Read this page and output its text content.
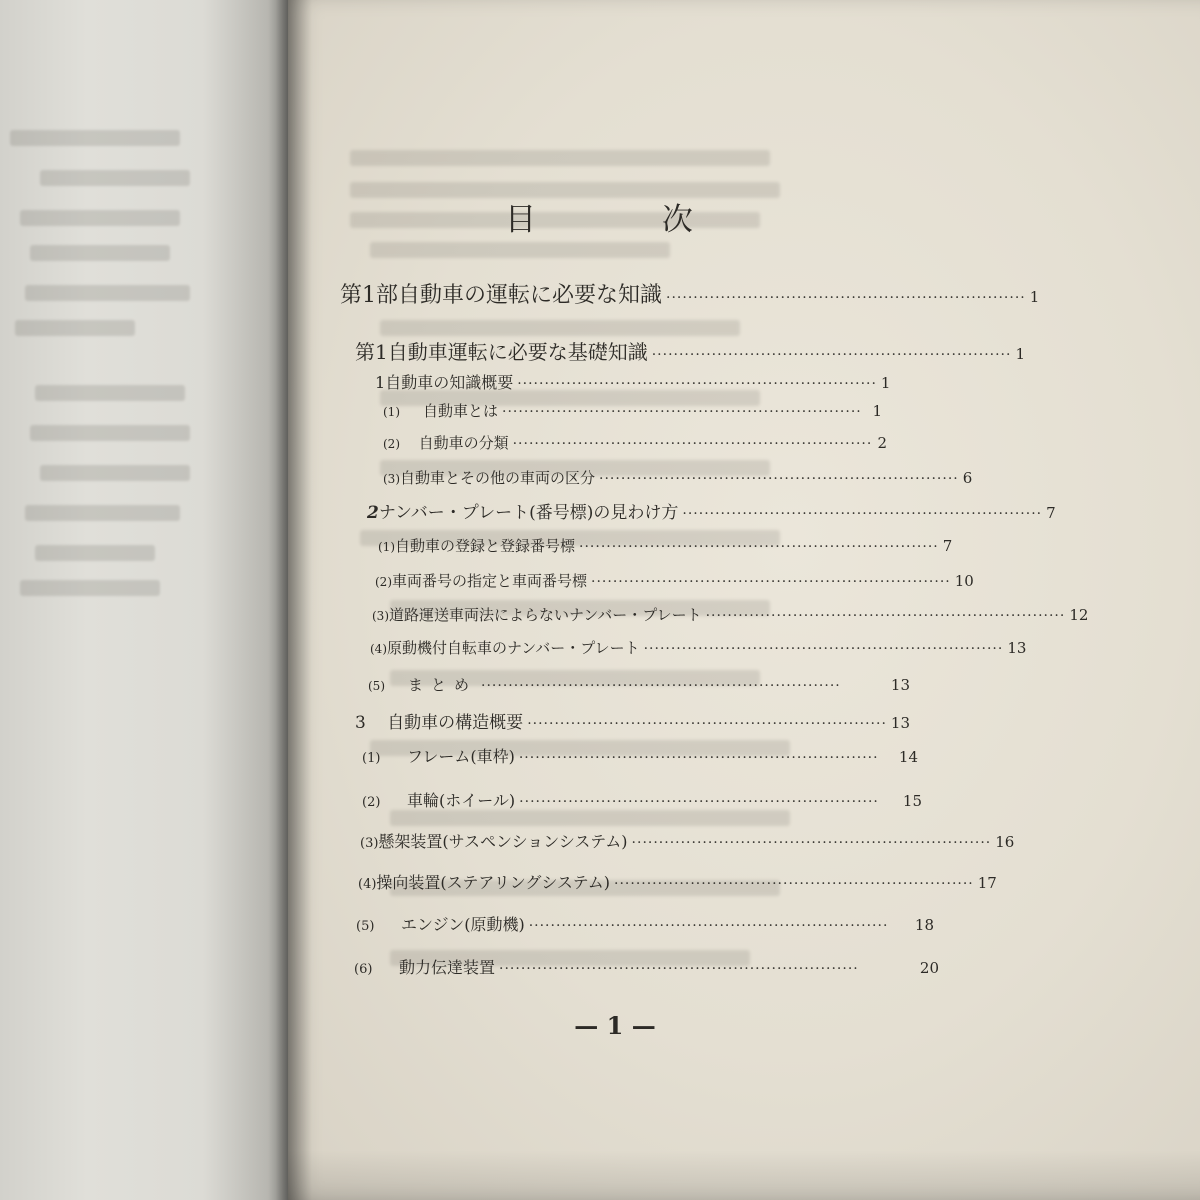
目 次
第1部 自動車の運転に必要な知識 ·································································· 1
第1 自動車運転に必要な基礎知識 ·································································· 1
1 自動車の知識概要 ·································································· 1
(1)	自動車とは ·································································· 1
(2)	自動車の分類 ·································································· 2
(3) 自動車とその他の車両の区分 ·································································· 6
2 ナンバー・プレート(番号標)の見わけ方 ·································································· 7
(1) 自動車の登録と登録番号標 ·································································· 7
(2) 車両番号の指定と車両番号標 ·································································· 10
(3) 道路運送車両法によらないナンバー・プレート ·································································· 12
(4) 原動機付自転車のナンバー・プレート ·································································· 13
(5)	まとめ ··································································	13
3	自動車の構造概要 ·································································· 13
(1)	フレーム(車枠) ··································································	14
(2)	車輪(ホイール) ··································································	15
(3) 懸架装置(サスペンションシステム) ·································································· 16
(4) 操向装置(ステアリングシステム) ·································································· 17
(5)	エンジン(原動機) ··································································	18
(6)	動力伝達装置 ··································································	20
— 1 —
